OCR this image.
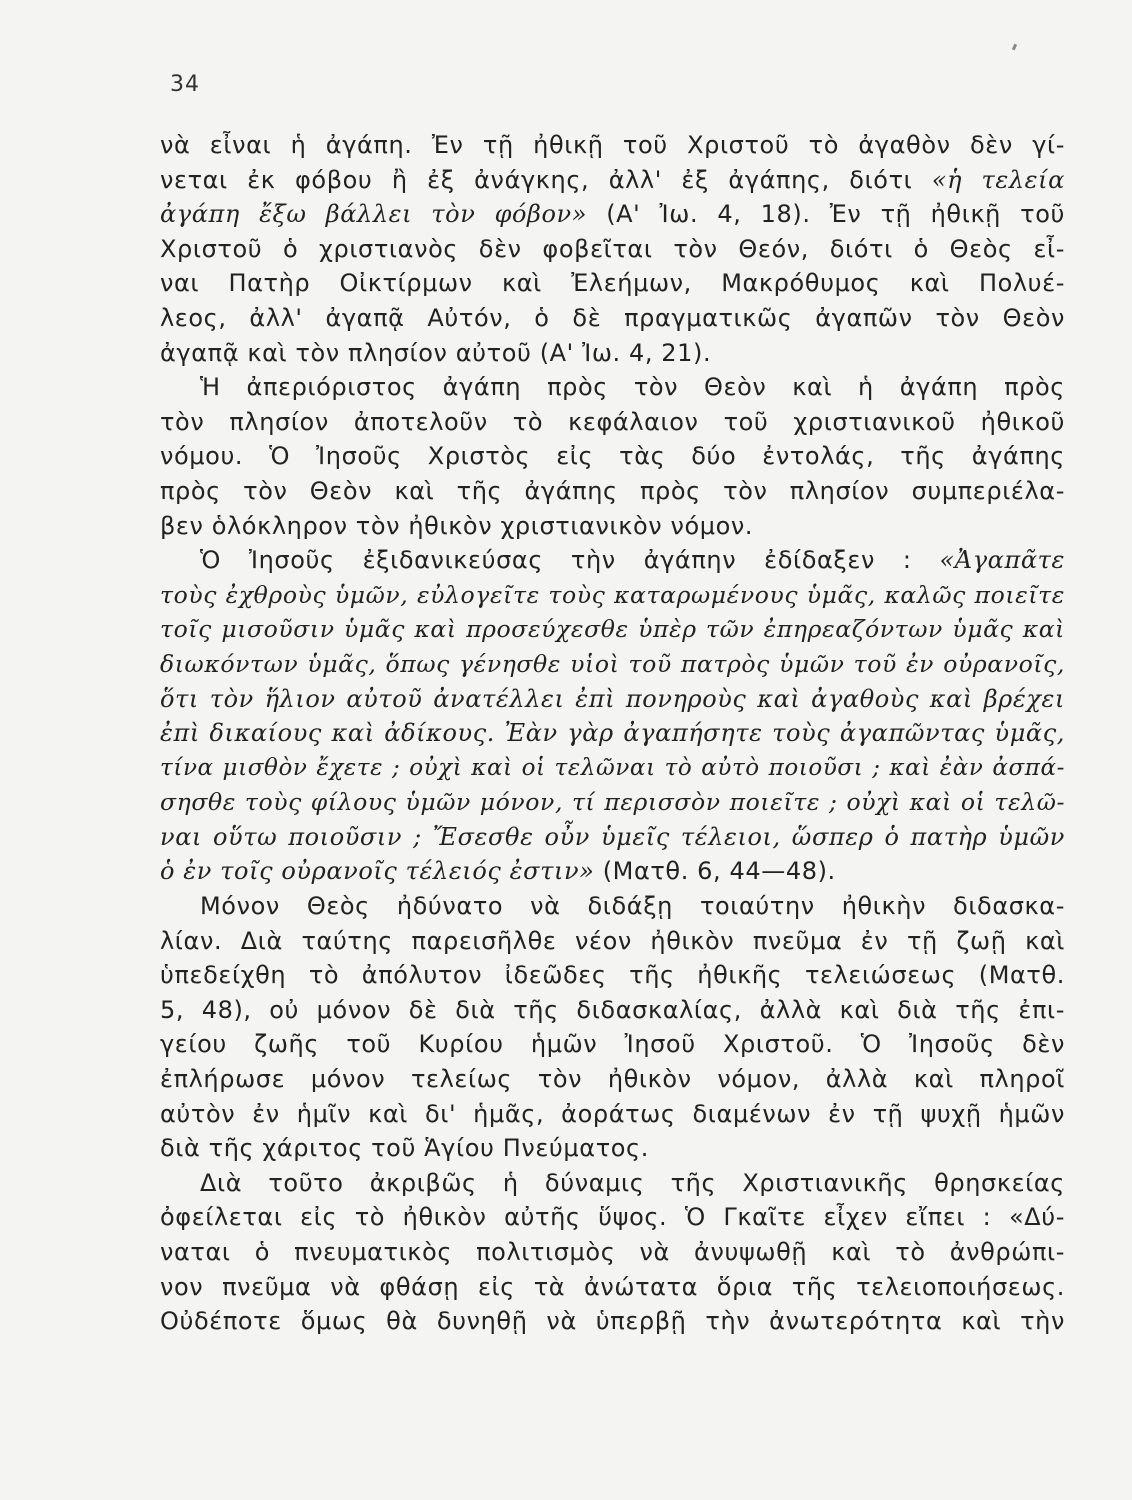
34
νὰ εἶναι ἡ ἀγάπη. Ἐν τῇ ἠθικῇ τοῦ Χριστοῦ τὸ ἀγαθὸν δὲν γί-
νεται ἐκ φόβου ἢ ἐξ ἀνάγκης, ἀλλ' ἐξ ἀγάπης, διότι «ἡ τελεία
ἀγάπη ἔξω βάλλει τὸν φόβον» (Α' Ἰω. 4, 18). Ἐν τῇ ἠθικῇ τοῦ
Χριστοῦ ὁ χριστιανὸς δὲν φοβεῖται τὸν Θεόν, διότι ὁ Θεὸς εἶ-
ναι Πατὴρ Οἰκτίρμων καὶ Ἐλεήμων, Μακρόθυμος καὶ Πολυέ-
λεος, ἀλλ' ἀγαπᾷ Αὐτόν, ὁ δὲ πραγματικῶς ἀγαπῶν τὸν Θεὸν
ἀγαπᾷ καὶ τὸν πλησίον αὐτοῦ (Α' Ἰω. 4, 21).
Ἡ ἀπεριόριστος ἀγάπη πρὸς τὸν Θεὸν καὶ ἡ ἀγάπη πρὸς
τὸν πλησίον ἀποτελοῦν τὸ κεφάλαιον τοῦ χριστιανικοῦ ἠθικοῦ
νόμου. Ὁ Ἰησοῦς Χριστὸς εἰς τὰς δύο ἐντολάς, τῆς ἀγάπης
πρὸς τὸν Θεὸν καὶ τῆς ἀγάπης πρὸς τὸν πλησίον συμπεριέλα-
βεν ὁλόκληρον τὸν ἠθικὸν χριστιανικὸν νόμον.
Ὁ Ἰησοῦς ἐξιδανικεύσας τὴν ἀγάπην ἐδίδαξεν : «Ἀγαπᾶτε
τοὺς ἐχθροὺς ὑμῶν, εὐλογεῖτε τοὺς καταρωμένους ὑμᾶς, καλῶς ποιεῖτε
τοῖς μισοῦσιν ὑμᾶς καὶ προσεύχεσθε ὑπὲρ τῶν ἐπηρεαζόντων ὑμᾶς καὶ
διωκόντων ὑμᾶς, ὅπως γένησθε υἱοὶ τοῦ πατρὸς ὑμῶν τοῦ ἐν οὐρανοῖς,
ὅτι τὸν ἥλιον αὐτοῦ ἀνατέλλει ἐπὶ πονηροὺς καὶ ἀγαθοὺς καὶ βρέχει
ἐπὶ δικαίους καὶ ἀδίκους. Ἐὰν γὰρ ἀγαπήσητε τοὺς ἀγαπῶντας ὑμᾶς,
τίνα μισθὸν ἔχετε ; οὐχὶ καὶ οἱ τελῶναι τὸ αὐτὸ ποιοῦσι ; καὶ ἐὰν ἀσπά-
σησθε τοὺς φίλους ὑμῶν μόνον, τί περισσὸν ποιεῖτε ; οὐχὶ καὶ οἱ τελῶ-
ναι οὕτω ποιοῦσιν ; Ἔσεσθε οὖν ὑμεῖς τέλειοι, ὥσπερ ὁ πατὴρ ὑμῶν
ὁ ἐν τοῖς οὐρανοῖς τέλειός ἐστιν» (Ματθ. 6, 44—48).
Μόνον Θεὸς ἠδύνατο νὰ διδάξῃ τοιαύτην ἠθικὴν διδασκα-
λίαν. Διὰ ταύτης παρεισῆλθε νέον ἠθικὸν πνεῦμα ἐν τῇ ζωῇ καὶ
ὑπεδείχθη τὸ ἀπόλυτον ἰδεῶδες τῆς ἠθικῆς τελειώσεως (Ματθ.
5, 48), οὐ μόνον δὲ διὰ τῆς διδασκαλίας, ἀλλὰ καὶ διὰ τῆς ἐπι-
γείου ζωῆς τοῦ Κυρίου ἡμῶν Ἰησοῦ Χριστοῦ. Ὁ Ἰησοῦς δὲν
ἐπλήρωσε μόνον τελείως τὸν ἠθικὸν νόμον, ἀλλὰ καὶ πληροῖ
αὐτὸν ἐν ἡμῖν καὶ δι' ἡμᾶς, ἀοράτως διαμένων ἐν τῇ ψυχῇ ἡμῶν
διὰ τῆς χάριτος τοῦ Ἁγίου Πνεύματος.
Διὰ τοῦτο ἀκριβῶς ἡ δύναμις τῆς Χριστιανικῆς θρησκείας
ὀφείλεται εἰς τὸ ἠθικὸν αὐτῆς ὕψος. Ὁ Γκαῖτε εἶχεν εἴπει : «Δύ-
ναται ὁ πνευματικὸς πολιτισμὸς νὰ ἀνυψωθῇ καὶ τὸ ἀνθρώπι-
νον πνεῦμα νὰ φθάσῃ εἰς τὰ ἀνώτατα ὅρια τῆς τελειοποιήσεως.
Οὐδέποτε ὅμως θὰ δυνηθῇ νὰ ὑπερβῇ τὴν ἀνωτερότητα καὶ τὴν
